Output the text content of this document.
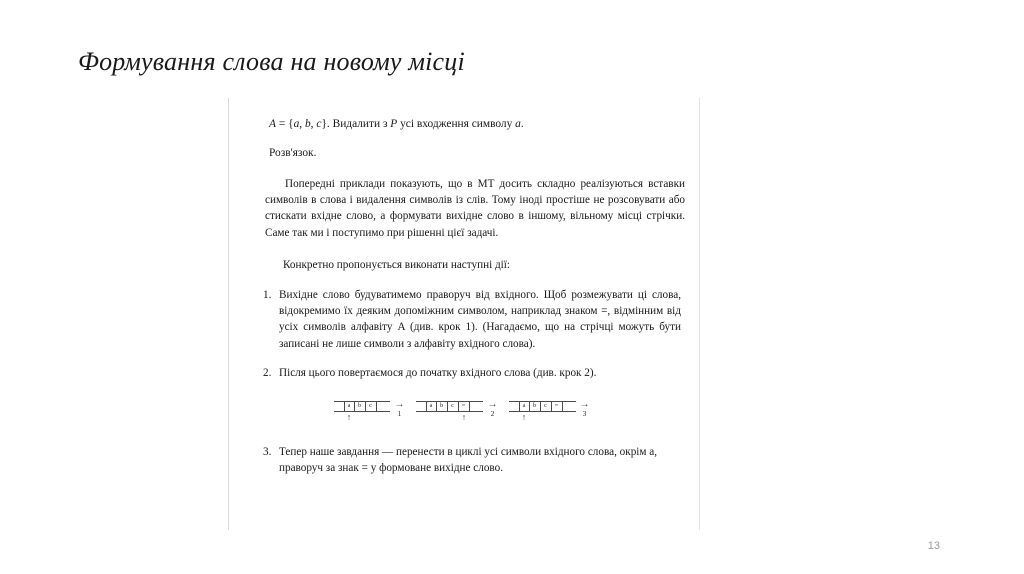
Формування слова на новому місці
A = {a, b, c}. Видалити з P усі входження символу a.
Розв'язок.
Попередні приклади показують, що в МТ досить складно реалізуються вставки символів в слова і видалення символів із слів. Тому іноді простіше не розсовувати або стискати вхідне слово, а формувати вихідне слово в іншому, вільному місці стрічки. Саме так ми і поступимо при рішенні цієї задачі.
Конкретно пропонується виконати наступні дії:
1. Вихідне слово будуватимемо праворуч від вхідного. Щоб розмежувати ці слова, відокремимо їх деяким допоміжним символом, наприклад знаком =, відмінним від усіх символів алфавіту A (див. крок 1). (Нагадаємо, що на стрічці можуть бути записані не лише символи з алфавіту вхідного слова).
2. Після цього повертаємося до початку вхідного слова (див. крок 2).
a	b	c
↑
→
1
a	b	c	=
↑
→
2
a	b	c	=
↑
→
3
3. Тепер наше завдання — перенести в циклі усі символи вхідного слова, окрім a, праворуч за знак = у формоване вихідне слово.
13
